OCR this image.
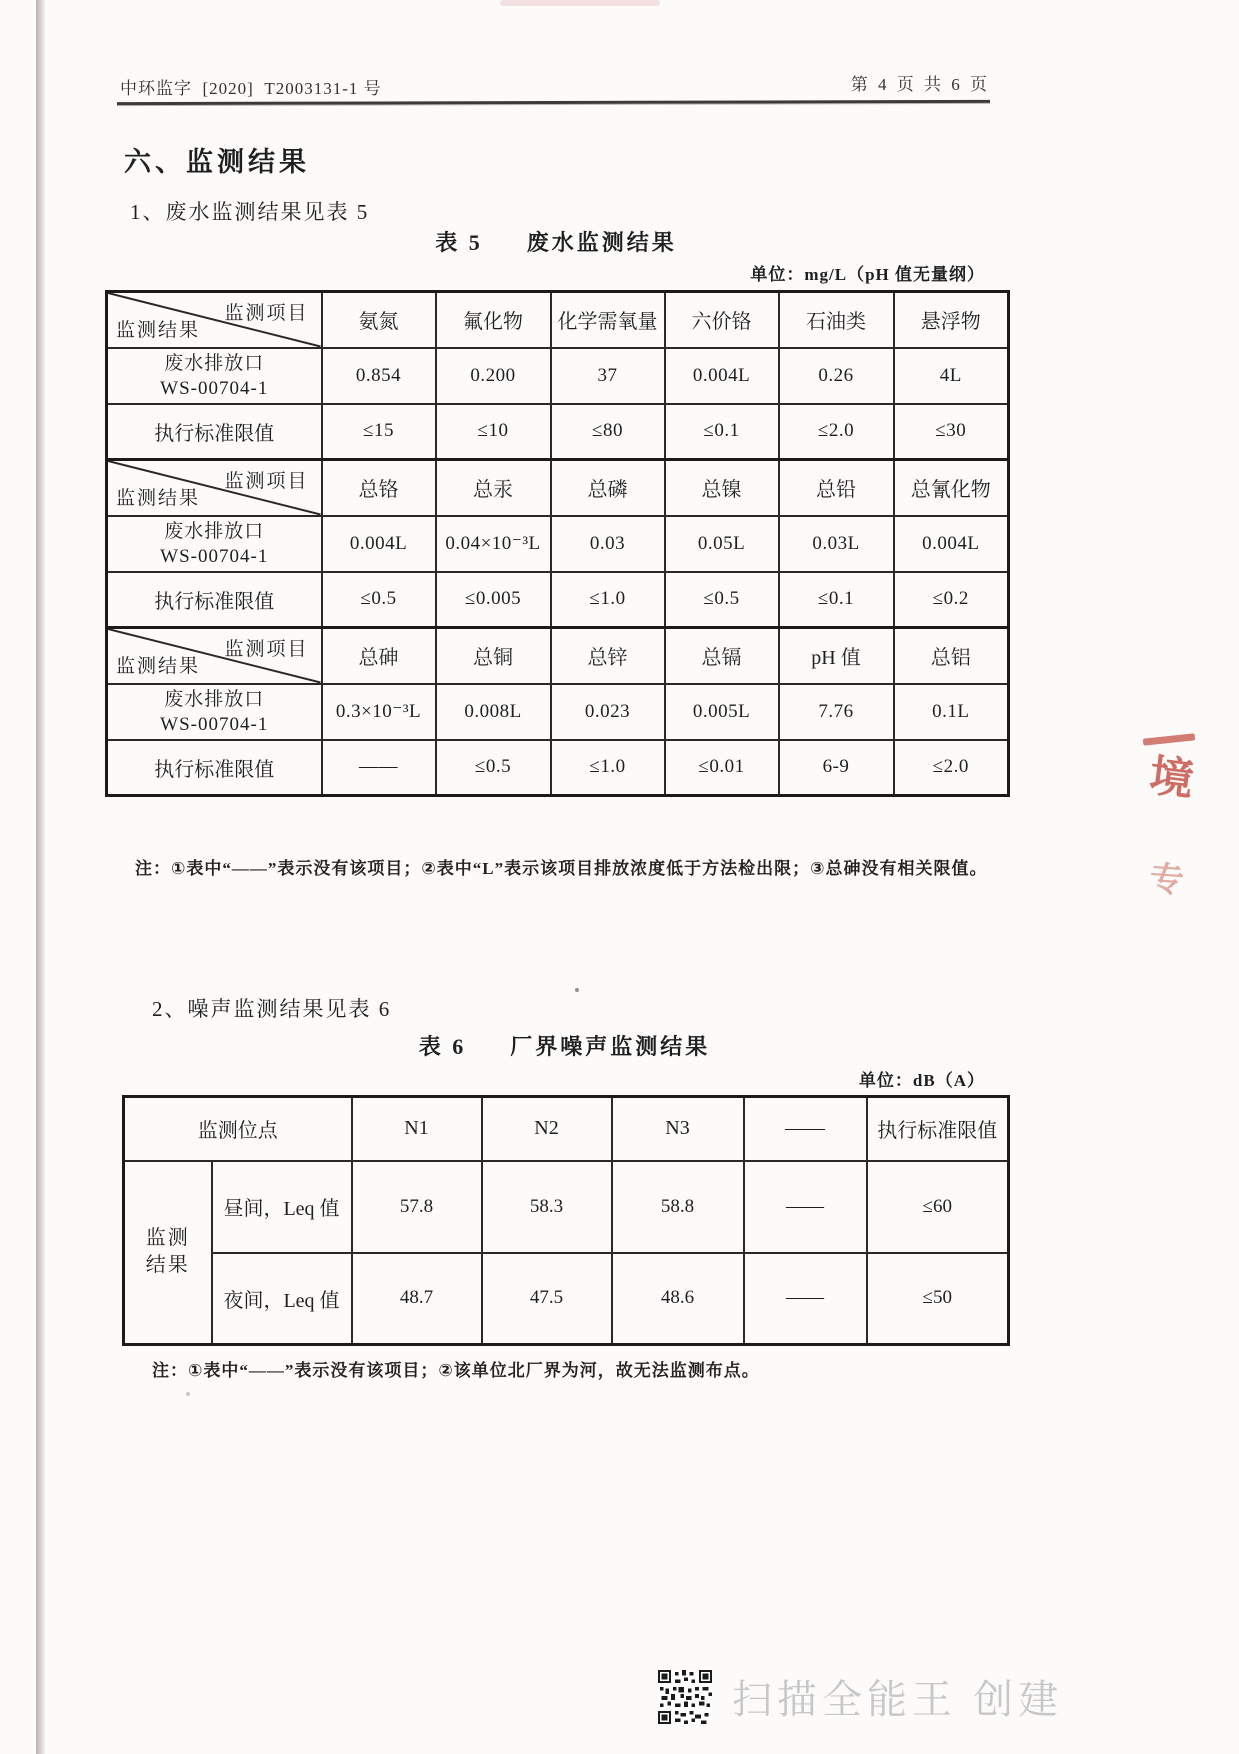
中环监字  [2020]  T2003131-1 号	第 4 页 共 6 页
六、监测结果
1、废水监测结果见表 5
表 5 废水监测结果
单位：mg/L（pH 值无量纲）
监测项目
监测结果	氨氮	氟化物	化学需氧量	六价铬	石油类	悬浮物

废水排放口
WS-00704-1	0.854	0.200	37	0.004L	0.26	4L
执行标准限值	≤15	≤10	≤80	≤0.1	≤2.0	≤30

监测项目
监测结果	总铬	总汞	总磷	总镍	总铅	总氰化物

废水排放口
WS-00704-1	0.004L	0.04×10⁻³L	0.03	0.05L	0.03L	0.004L
执行标准限值	≤0.5	≤0.005	≤1.0	≤0.5	≤0.1	≤0.2

监测项目
监测结果	总砷	总铜	总锌	总镉	pH 值	总铝

废水排放口
WS-00704-1	0.3×10⁻³L	0.008L	0.023	0.005L	7.76	0.1L
执行标准限值	——	≤0.5	≤1.0	≤0.01	6-9	≤2.0
注：①表中“——”表示没有该项目；②表中“L”表示该项目排放浓度低于方法检出限；③总砷没有相关限值。
2、噪声监测结果见表 6
表 6 厂界噪声监测结果
单位：dB（A）
监测位点		N1	N2	N3	——	执行标准限值

监测
结果	昼间，Leq 值	57.8	58.3	58.8	——	≤60
	夜间，Leq 值	48.7	47.5	48.6	——	≤50
注：①表中“——”表示没有该项目；②该单位北厂界为河，故无法监测布点。
境
专
扫描全能王 创建
